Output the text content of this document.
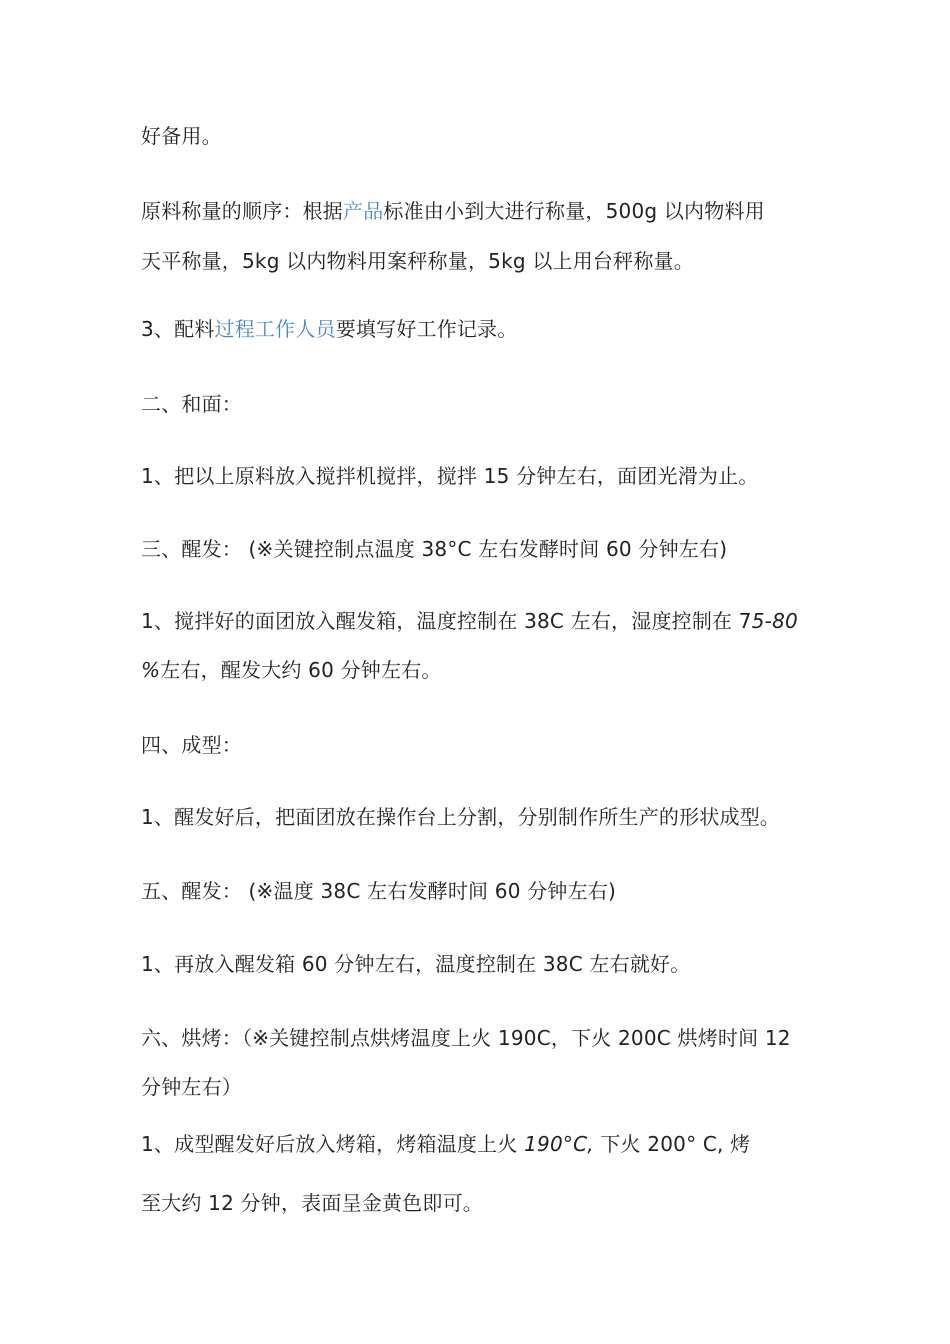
好备用。
原料称量的顺序：根据产品标准由小到大进行称量，500g 以内物料用
天平称量，5kg 以内物料用案秤称量，5kg 以上用台秤称量。
3、配料过程工作人员要填写好工作记录。
二、和面：
1、把以上原料放入搅拌机搅拌，搅拌 15 分钟左右，面团光滑为止。
三、醒发： (※关键控制点温度 38°C 左右发酵时间 60 分钟左右)
1、搅拌好的面团放入醒发箱，温度控制在 38C 左右，湿度控制在 75-80
%左右，醒发大约 60 分钟左右。
四、成型：
1、醒发好后，把面团放在操作台上分割，分别制作所生产的形状成型。
五、醒发： (※温度 38C 左右发酵时间 60 分钟左右)
1、再放入醒发箱 60 分钟左右，温度控制在 38C 左右就好。
六、烘烤：（※关键控制点烘烤温度上火 190C，下火 200C 烘烤时间 12
分钟左右）
1、成型醒发好后放入烤箱，烤箱温度上火 190°C, 下火 200° C, 烤
至大约 12 分钟，表面呈金黄色即可。
